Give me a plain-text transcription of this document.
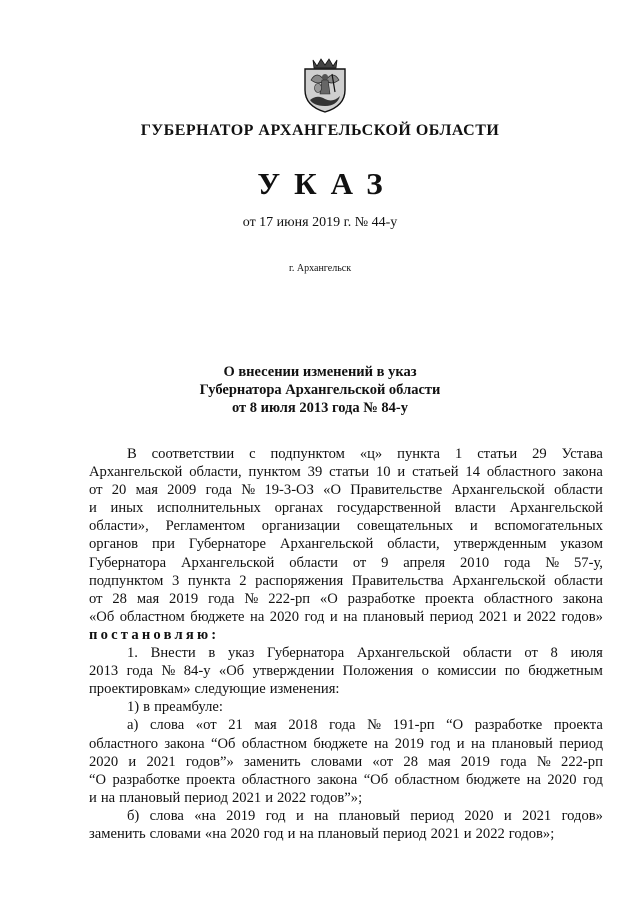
ГУБЕРНАТОР АРХАНГЕЛЬСКОЙ ОБЛАСТИ
УКАЗ
от 17 июня 2019 г. № 44-у
г. Архангельск
О внесении изменений в указ
Губернатора Архангельской области
от 8 июля 2013 года № 84-у
В соответствии с подпунктом «ц» пункта 1 статьи 29 Устава
Архангельской области, пунктом 39 статьи 10 и статьей 14 областного закона
от 20 мая 2009 года № 19-3-ОЗ «О Правительстве Архангельской области
и иных исполнительных органах государственной власти Архангельской
области», Регламентом организации совещательных и вспомогательных
органов при Губернаторе Архангельской области, утвержденным указом
Губернатора Архангельской области от 9 апреля 2010 года № 57-у,
подпунктом 3 пункта 2 распоряжения Правительства Архангельской области
от 28 мая 2019 года № 222-рп «О разработке проекта областного закона
«Об областном бюджете на 2020 год и на плановый период 2021 и 2022 годов»
постановляю:
1. Внести в указ Губернатора Архангельской области от 8 июля
2013 года № 84-у «Об утверждении Положения о комиссии по бюджетным
проектировкам» следующие изменения:
1) в преамбуле:
а) слова «от 21 мая 2018 года № 191-рп “О разработке проекта
областного закона “Об областном бюджете на 2019 год и на плановый период
2020 и 2021 годов”» заменить словами «от 28 мая 2019 года № 222-рп
“О разработке проекта областного закона “Об областном бюджете на 2020 год
и на плановый период 2021 и 2022 годов”»;
б) слова «на 2019 год и на плановый период 2020 и 2021 годов»
заменить словами «на 2020 год и на плановый период 2021 и 2022 годов»;
